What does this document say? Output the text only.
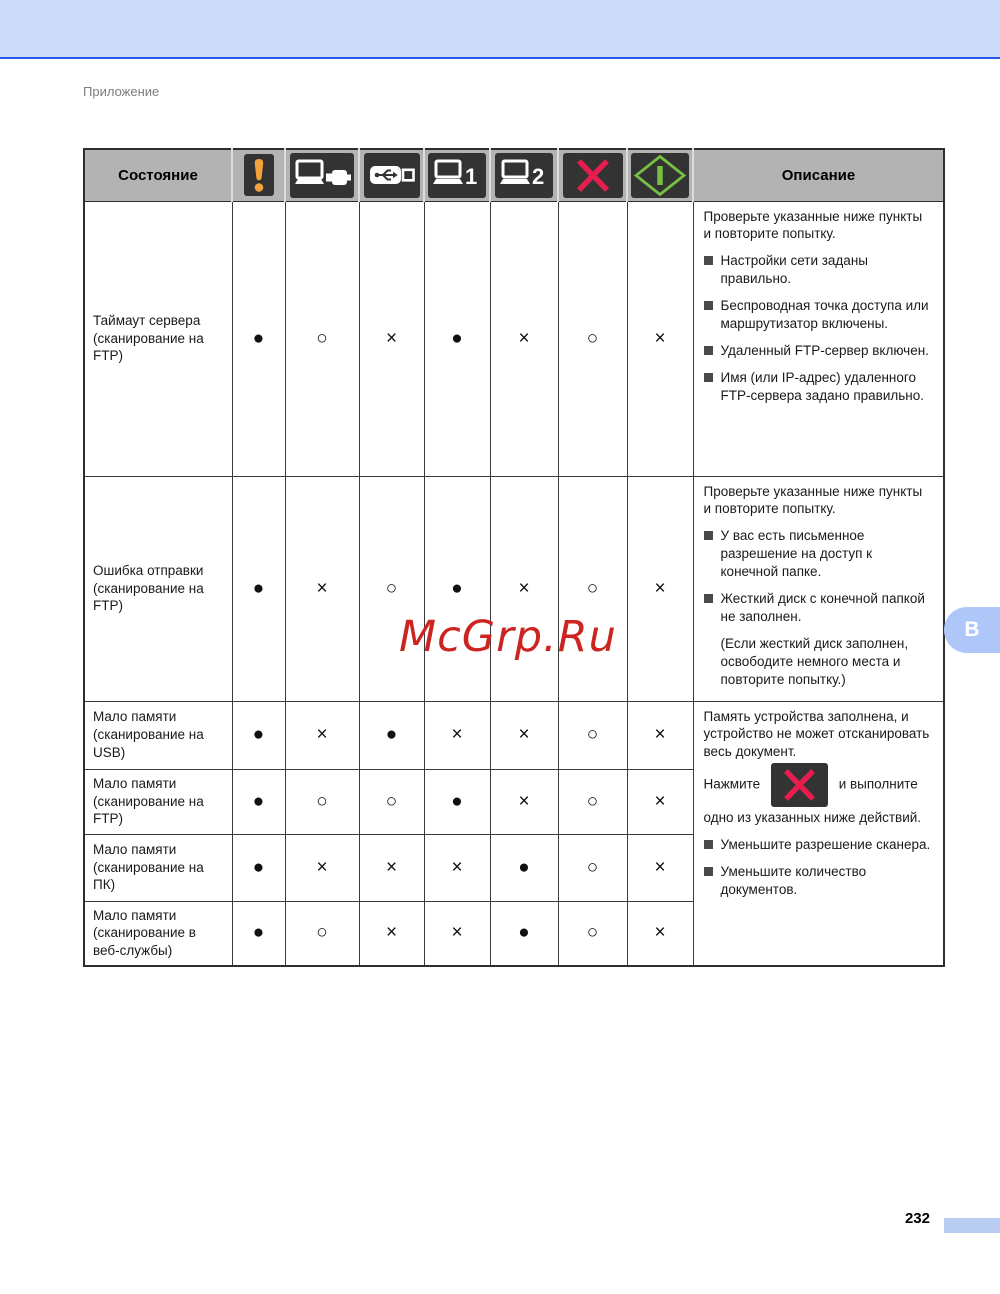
Приложение
Состояние				1	2			Описание
Таймаут сервера (сканирование на FTP)	●	○	×	●	×	○	×	Проверьте указанные ниже пункты и повторите попытку.

Настройки сети заданы правильно.
Беспроводная точка доступа или маршрутизатор включены.
Удаленный FTP-сервер включен.
Имя (или IP-адрес) удаленного FTP-сервера задано правильно.

Ошибка отправки (сканирование на FTP)	●	×	○	●	×	○	×	Проверьте указанные ниже пункты и повторите попытку.

У вас есть письменное разрешение на доступ к конечной папке.
Жесткий диск с конечной папкой не заполнен.
(Если жесткий диск заполнен, освободите немного места и повторите попытку.)

Мало памяти (сканирование на USB)	●	×	●	×	×	○	×	Память устройства заполнена, и устройство не может отсканировать весь документ.

Нажмите и выполните одно из указанных ниже действий.

Уменьшите разрешение сканера.
Уменьшите количество документов.

Мало памяти (сканирование на FTP)	●	○	○	●	×	○	×	
Мало памяти (сканирование на ПК)	●	×	×	×	●	○	×	
Мало памяти (сканирование в веб-службы)	●	○	×	×	●	○	×	
McGrp.Ru	B
232
